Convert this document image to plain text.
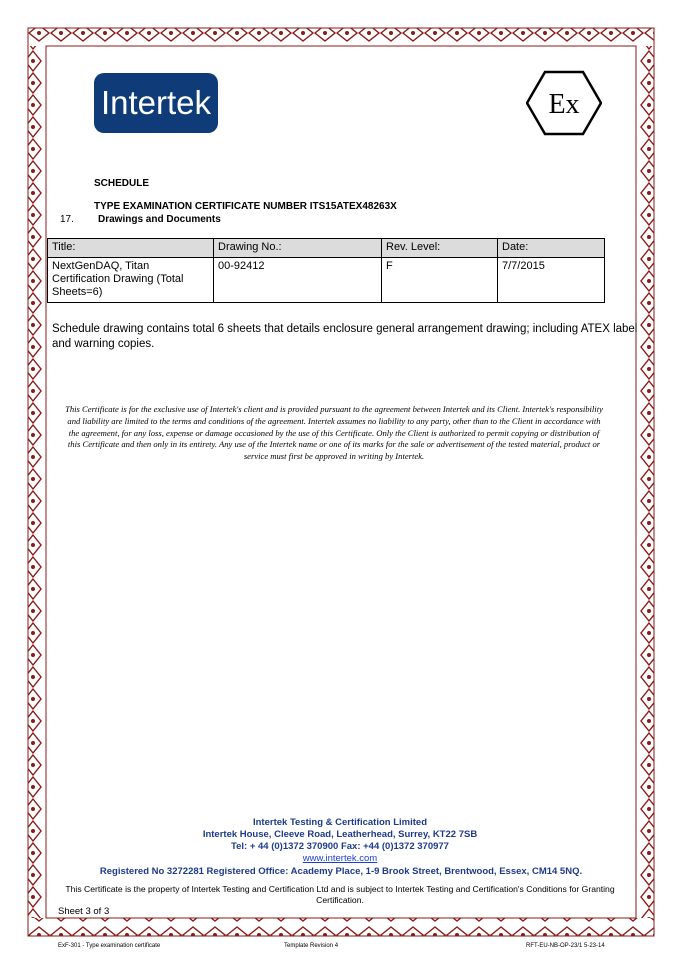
Intertek	Ex
SCHEDULE
TYPE EXAMINATION CERTIFICATE NUMBER ITS15ATEX48263X
17. Drawings and Documents
Title:	Drawing No.:	Rev. Level:	Date:
NextGenDAQ, Titan Certification Drawing (Total Sheets=6)	00-92412	F	7/7/2015
Schedule drawing contains total 6 sheets that details enclosure general arrangement drawing; including ATEX label and warning copies.
This Certificate is for the exclusive use of Intertek's client and is provided pursuant to the agreement between Intertek and its Client. Intertek's responsibility and liability are limited to the terms and conditions of the agreement. Intertek assumes no liability to any party, other than to the Client in accordance with the agreement, for any loss, expense or damage occasioned by the use of this Certificate. Only the Client is authorized to permit copying or distribution of this Certificate and then only in its entirety. Any use of the Intertek name or one of its marks for the sale or advertisement of the tested material, product or service must first be approved in writing by Intertek.
Intertek Testing & Certification Limited
Intertek House, Cleeve Road, Leatherhead, Surrey, KT22 7SB
Tel: + 44 (0)1372 370900 Fax: +44 (0)1372 370977
www.intertek.com
Registered No 3272281 Registered Office: Academy Place, 1-9 Brook Street, Brentwood, Essex, CM14 5NQ.
This Certificate is the property of Intertek Testing and Certification Ltd and is subject to Intertek Testing and Certification's Conditions for Granting Certification.
Sheet 3 of 3
ExF-301 - Type examination certificate	Template Revision 4	RFT-EU-NB-OP-23/1 5-23-14
